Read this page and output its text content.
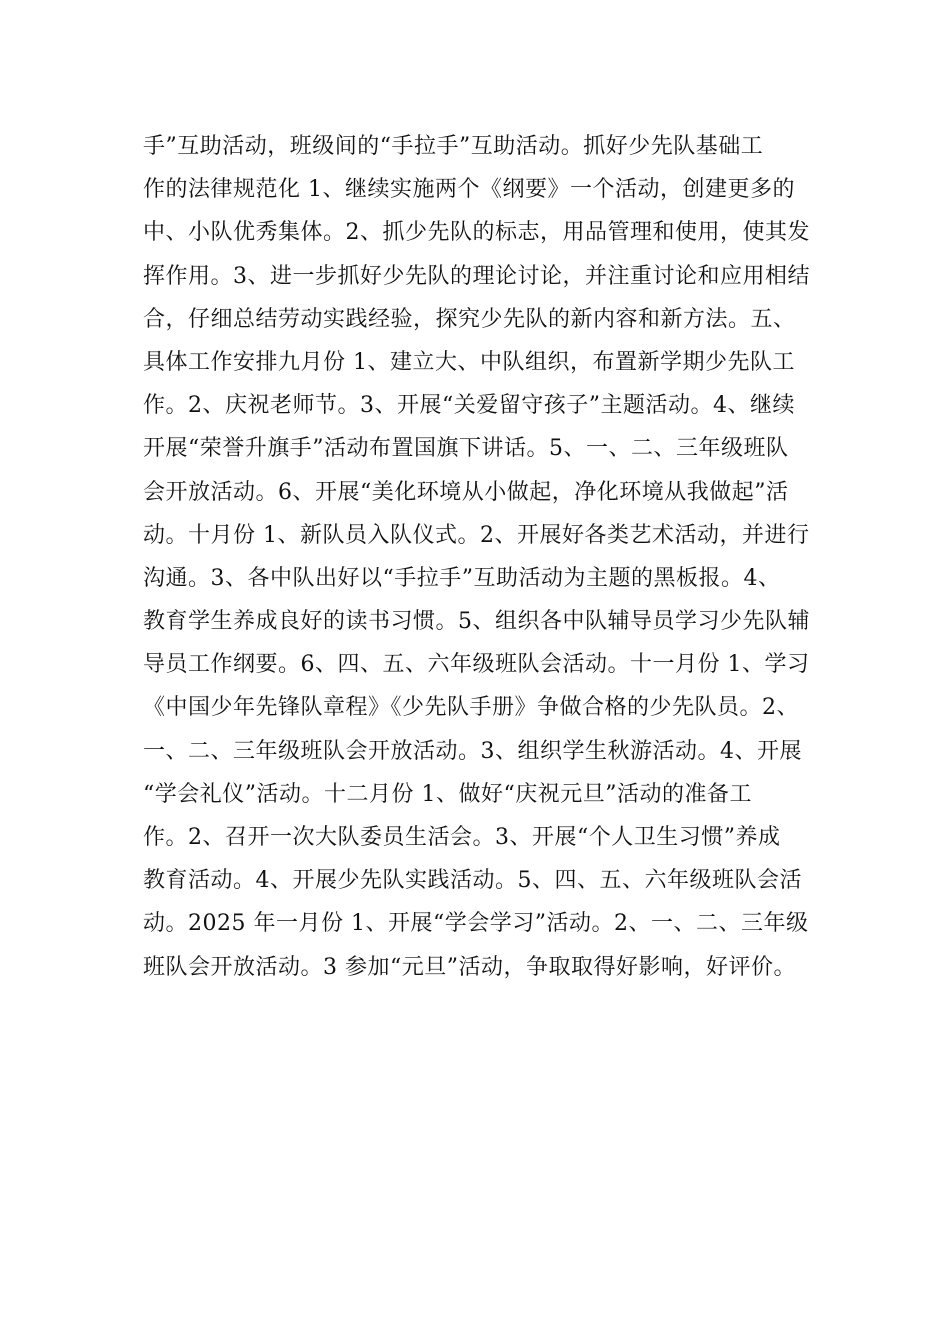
手”互助活动，班级间的“手拉手”互助活动。抓好少先队基础工
作的法律规范化 1、继续实施两个《纲要》一个活动，创建更多的
中、小队优秀集体。2、抓少先队的标志，用品管理和使用，使其发
挥作用。3、进一步抓好少先队的理论讨论，并注重讨论和应用相结
合，仔细总结劳动实践经验，探究少先队的新内容和新方法。五、
具体工作安排九月份 1、建立大、中队组织，布置新学期少先队工
作。2、庆祝老师节。3、开展“关爱留守孩子”主题活动。4、继续
开展“荣誉升旗手”活动布置国旗下讲话。5、一、二、三年级班队
会开放活动。6、开展“美化环境从小做起，净化环境从我做起”活
动。十月份 1、新队员入队仪式。2、开展好各类艺术活动，并进行
沟通。3、各中队出好以“手拉手”互助活动为主题的黑板报。4、
教育学生养成良好的读书习惯。5、组织各中队辅导员学习少先队辅
导员工作纲要。6、四、五、六年级班队会活动。十一月份 1、学习
《中国少年先锋队章程》《少先队手册》争做合格的少先队员。2、
一、二、三年级班队会开放活动。3、组织学生秋游活动。4、开展
“学会礼仪”活动。十二月份 1、做好“庆祝元旦”活动的准备工
作。2、召开一次大队委员生活会。3、开展“个人卫生习惯”养成
教育活动。4、开展少先队实践活动。5、四、五、六年级班队会活
动。2025 年一月份 1、开展“学会学习”活动。2、一、二、三年级
班队会开放活动。3 参加“元旦”活动，争取取得好影响，好评价。
